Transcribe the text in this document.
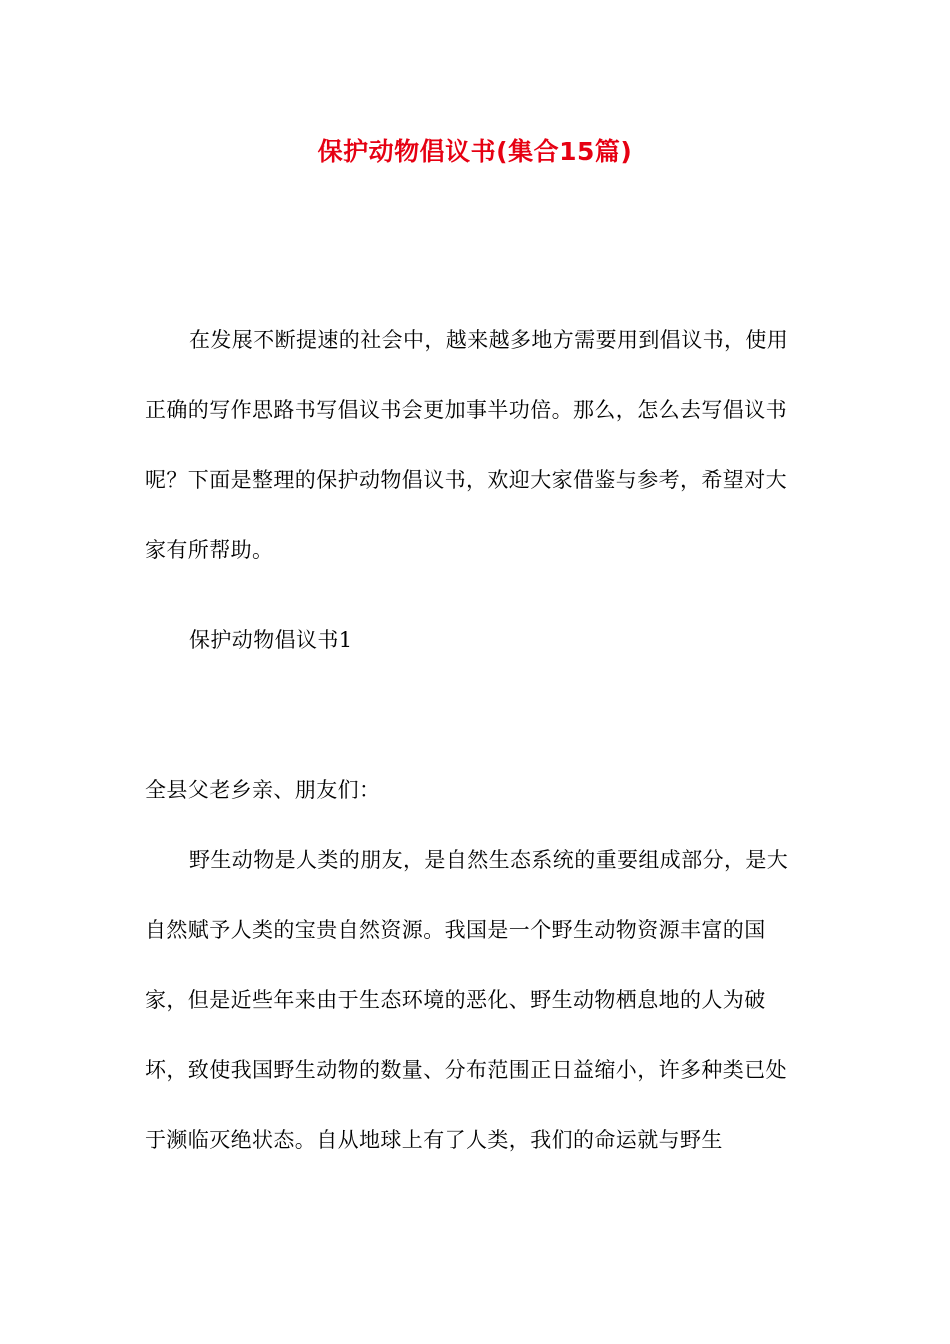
保护动物倡议书(集合15篇)

在发展不断提速的社会中，越来越多地方需要用到倡议书，使用正确的写作思路书写倡议书会更加事半功倍。那么，怎么去写倡议书呢？下面是整理的保护动物倡议书，欢迎大家借鉴与参考，希望对大家有所帮助。

保护动物倡议书1

全县父老乡亲、朋友们：

野生动物是人类的朋友，是自然生态系统的重要组成部分，是大自然赋予人类的宝贵自然资源。我国是一个野生动物资源丰富的国家，但是近些年来由于生态环境的恶化、野生动物栖息地的人为破坏，致使我国野生动物的数量、分布范围正日益缩小，许多种类已处于濒临灭绝状态。自从地球上有了人类，我们的命运就与野生
